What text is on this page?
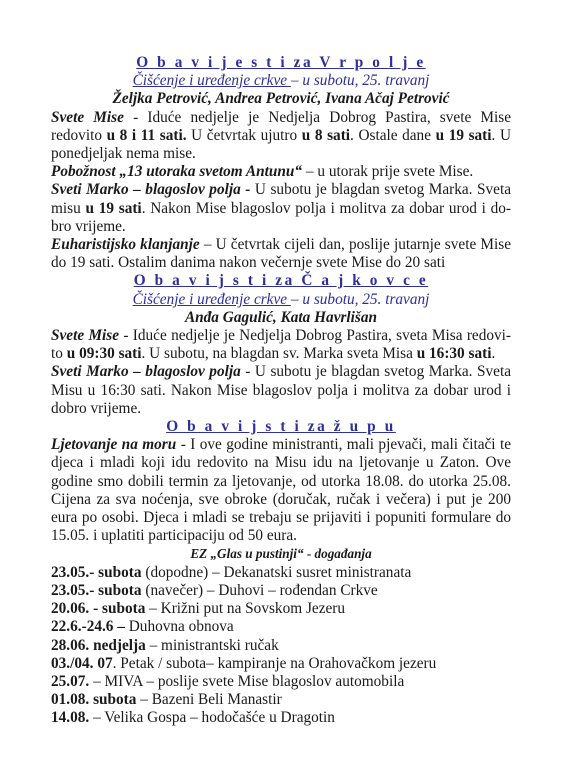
O b a v i j e s t i za V r p o l j e

Čišćenje i uređenje crkve – u subotu, 25. travanj

Željka Petrović, Andrea Petrović, Ivana Ačaj Petrović

Svete Mise - Iduće nedjelje je Nedjelja Dobrog Pastira, svete Mise redovito u 8 i 11 sati. U četvrtak ujutro u 8 sati. Ostale dane u 19 sati. U ponedjeljak nema mise.

Pobožnost „13 utoraka svetom Antunu“ – u utorak prije svete Mise.

Sveti Marko – blagoslov polja - U subotu je blagdan svetog Marka. Sveta misu u 19 sati. Nakon Mise blagoslov polja i molitva za dobar urod i do-bro vrijeme.

Euharistijsko klanjanje – U četvrtak cijeli dan, poslije jutarnje svete Mise do 19 sati. Ostalim danima nakon večernje svete Mise do 20 sati

O b a v i j s t i za Č a j k o v c e

Čišćenje i uređenje crkve – u subotu, 25. travanj

Anđa Gagulić, Kata Havrlišan

Svete Mise - Iduće nedjelje je Nedjelja Dobrog Pastira, sveta Misa redovi-to u 09:30 sati. U subotu, na blagdan sv. Marka sveta Misa u 16:30 sati.

Sveti Marko – blagoslov polja - U subotu je blagdan svetog Marka. Sveta Misu u 16:30 sati. Nakon Mise blagoslov polja i molitva za dobar urod i dobro vrijeme.

O b a v i j s t i za ž u p u

Ljetovanje na moru - I ove godine ministranti, mali pjevači, mali čitači te djeca i mladi koji idu redovito na Misu idu na ljetovanje u Zaton. Ove godine smo dobili termin za ljetovanje, od utorka 18.08. do utorka 25.08. Cijena za sva noćenja, sve obroke (doručak, ručak i večera) i put je 200 eura po osobi. Djeca i mladi se trebaju se prijaviti i popuniti formulare do 15.05. i uplatiti participaciju od 50 eura.

EZ „Glas u pustinji“ - događanja

23.05.- subota (dopodne) – Dekanatski susret ministranata

23.05.- subota (navečer) – Duhovi – rođendan Crkve

20.06. - subota – Križni put na Sovskom Jezeru

22.6.-24.6 – Duhovna obnova

28.06. nedjelja – ministrantski ručak

03./04. 07. Petak / subota– kampiranje na Orahovačkom jezeru

25.07. – MIVA – poslije svete Mise blagoslov automobila

01.08. subota – Bazeni Beli Manastir

14.08. – Velika Gospa – hodočašće u Dragotin
